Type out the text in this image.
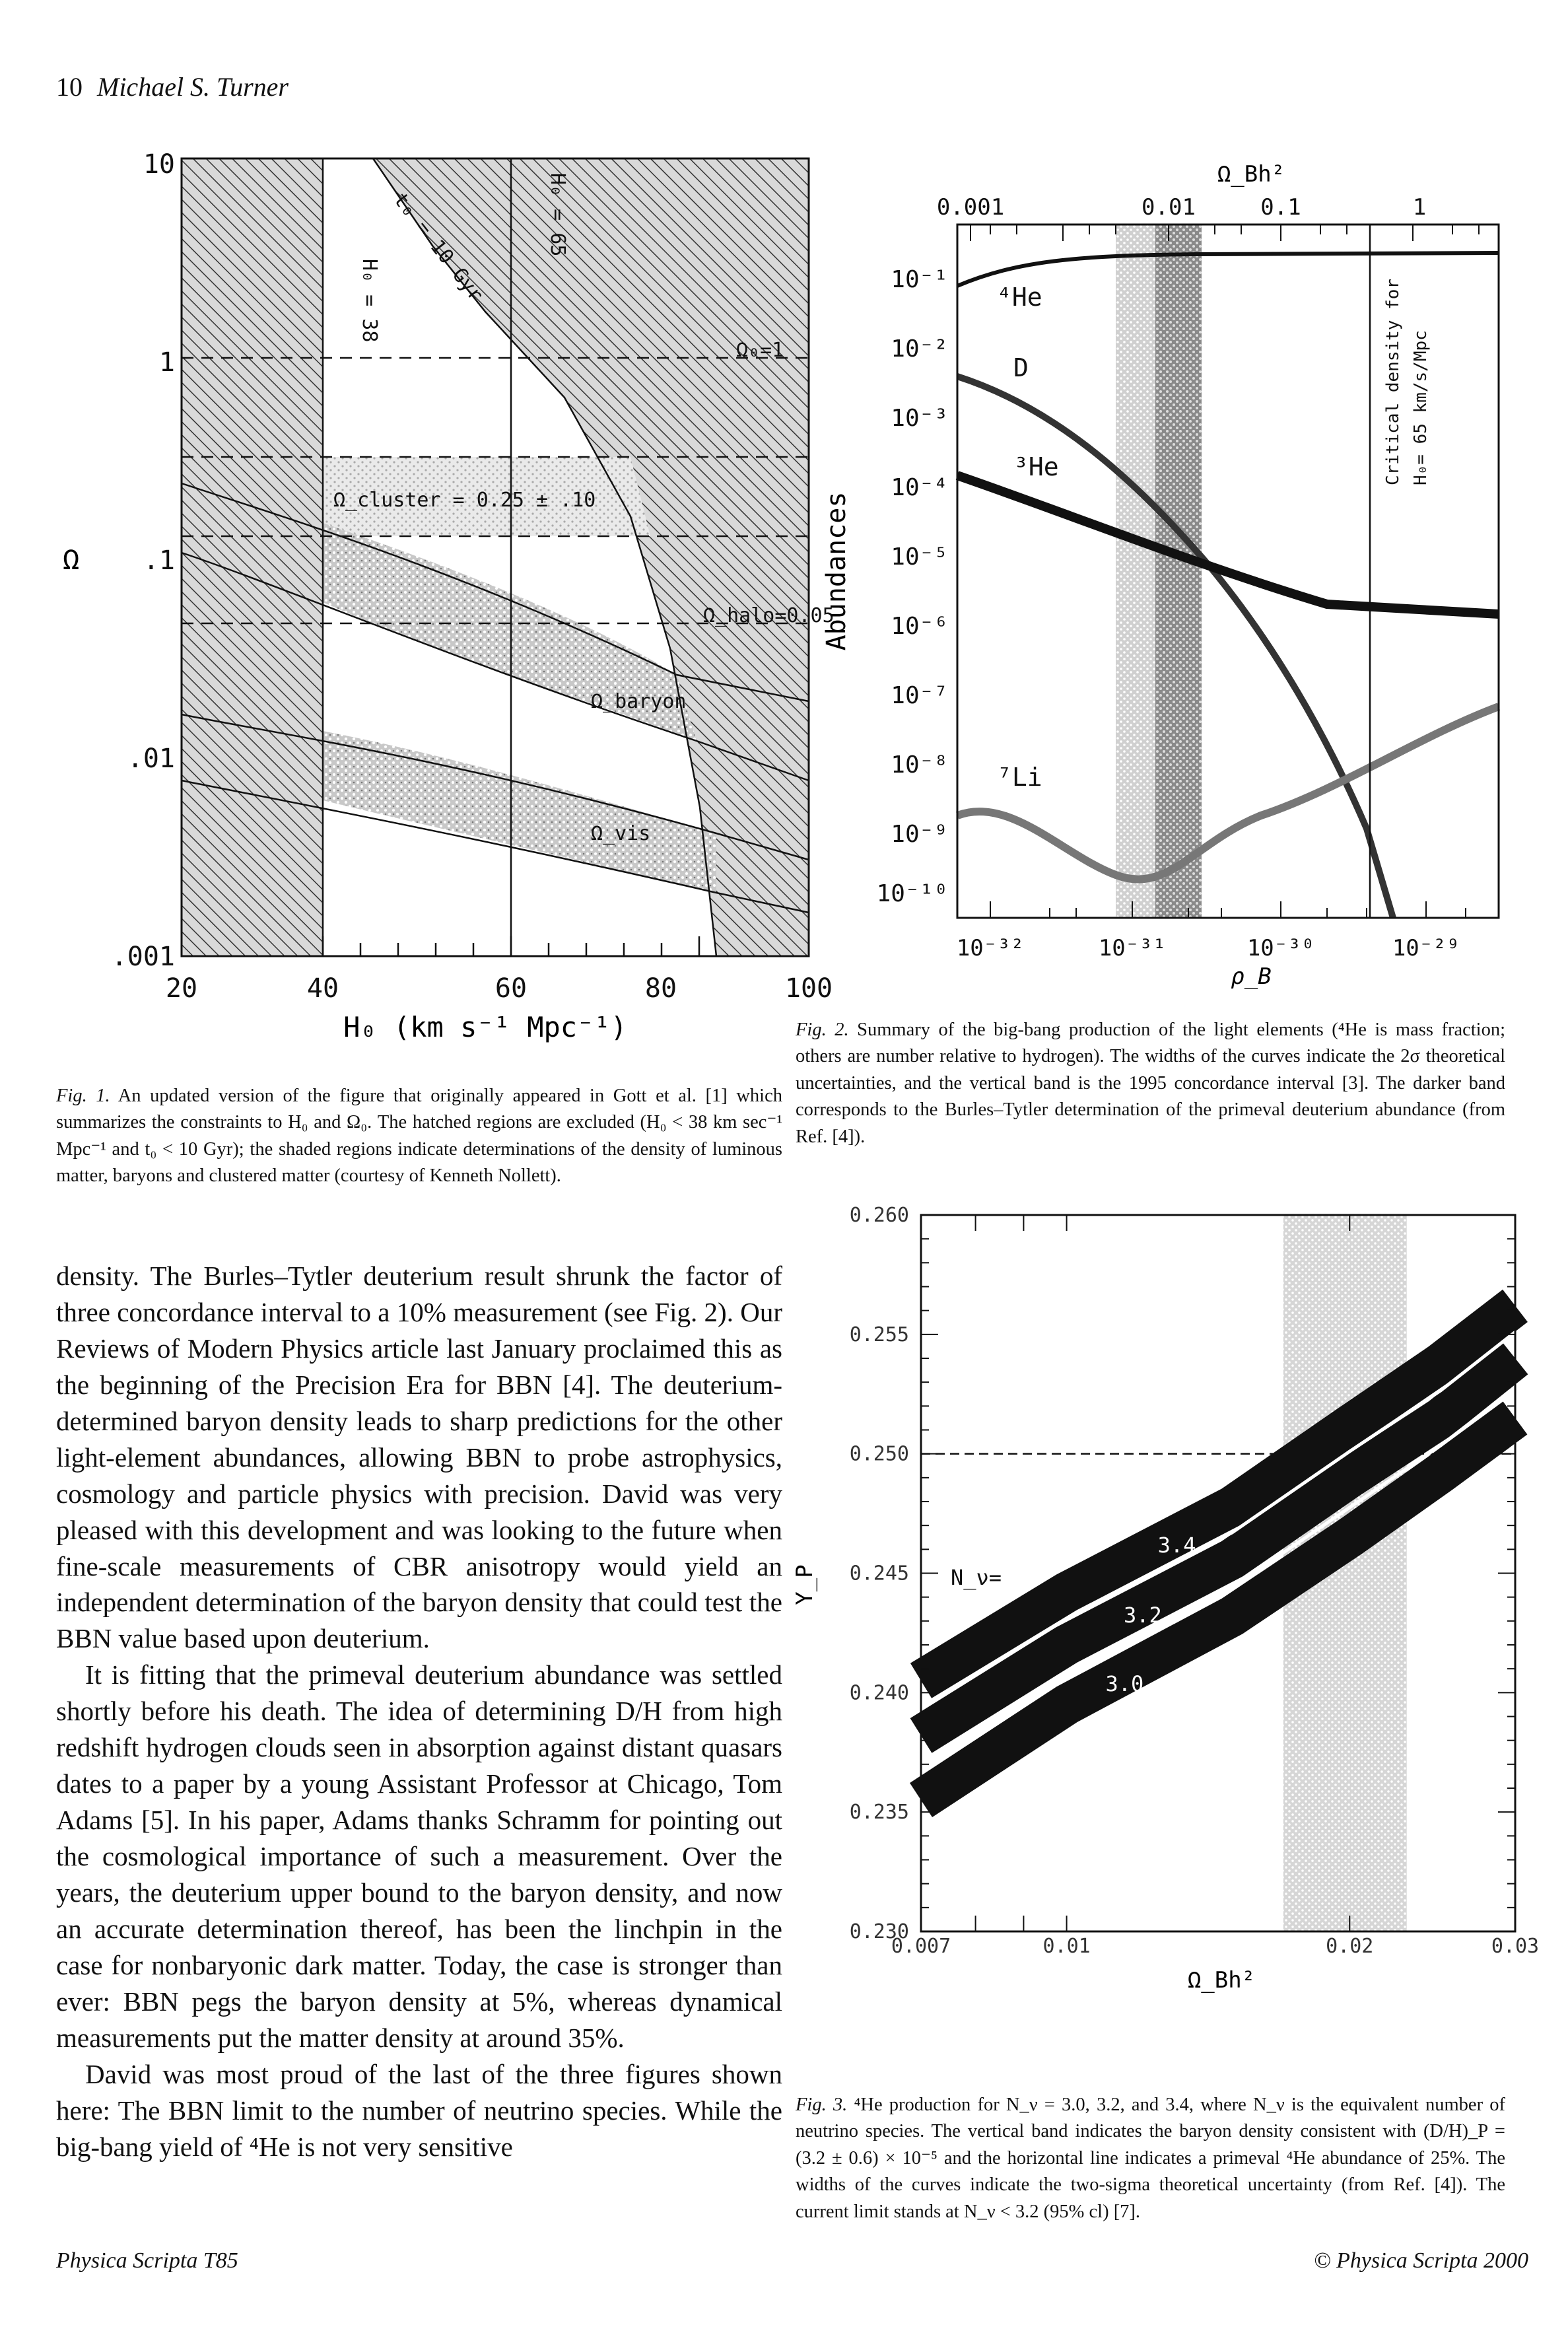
10 Michael S. Turner
20	40	60	80	100
10
1
.1
.01
.001
H₀ (km s⁻¹ Mpc⁻¹)
Ω
H₀ = 38 t₀ = 10 Gyr	H₀ = 65
Ω₀=1
Ω_cluster = 0.25 ± .10
Ω_halo=0.05
Ω_baryon
Ω_vis
Fig. 1. An updated version of the figure that originally appeared in Gott et al. [1] which summarizes the constraints to H₀ and Ω₀. The hatched regions are excluded (H₀ < 38 km sec⁻¹ Mpc⁻¹ and t₀ < 10 Gyr); the shaded regions indicate determinations of the density of luminous matter, baryons and clustered matter (courtesy of Kenneth Nollett).
10⁻³²	10⁻³¹	10⁻³⁰	10⁻²⁹
0.001	0.01	0.1	1
Ω_Bh²
ρ_B
10⁻¹
10⁻²
10⁻³
10⁻⁴
10⁻⁵
10⁻⁶
10⁻⁷
10⁻⁸
10⁻⁹
10⁻¹⁰
Abundances
⁴He
D
³He
⁷Li
Critical density for H₀= 65 km/s/Mpc
Fig. 2. Summary of the big-bang production of the light elements (⁴He is mass fraction; others are number relative to hydrogen). The widths of the curves indicate the 2σ theoretical uncertainties, and the vertical band is the 1995 concordance interval [3]. The darker band corresponds to the Burles–Tytler determination of the primeval deuterium abundance (from Ref. [4]).
0.260
0.255
0.250
0.245
0.240
0.235
0.230
0.007	0.01	0.02	0.03
Ω_Bh²
Y_P	N_ν=
3.4
3.2
3.0
Fig. 3. ⁴He production for N_ν = 3.0, 3.2, and 3.4, where N_ν is the equivalent number of neutrino species. The vertical band indicates the baryon density consistent with (D/H)_P = (3.2 ± 0.6) × 10⁻⁵ and the horizontal line indicates a primeval ⁴He abundance of 25%. The widths of the curves indicate the two-sigma theoretical uncertainty (from Ref. [4]). The current limit stands at N_ν < 3.2 (95% cl) [7].

density. The Burles–Tytler deuterium result shrunk the factor of three concordance interval to a 10% measurement (see Fig. 2). Our Reviews of Modern Physics article last January proclaimed this as the beginning of the Precision Era for BBN [4]. The deuterium-determined baryon density leads to sharp predictions for the other light-element abundances, allowing BBN to probe astrophysics, cosmology and particle physics with precision. David was very pleased with this development and was looking to the future when fine-scale measurements of CBR anisotropy would yield an independent determination of the baryon density that could test the BBN value based upon deuterium.

It is fitting that the primeval deuterium abundance was settled shortly before his death. The idea of determining D/H from high redshift hydrogen clouds seen in absorption against distant quasars dates to a paper by a young Assistant Professor at Chicago, Tom Adams [5]. In his paper, Adams thanks Schramm for pointing out the cosmological importance of such a measurement. Over the years, the deuterium upper bound to the baryon density, and now an accurate determination thereof, has been the linchpin in the case for nonbaryonic dark matter. Today, the case is stronger than ever: BBN pegs the baryon density at 5%, whereas dynamical measurements put the matter density at around 35%.

David was most proud of the last of the three figures shown here: The BBN limit to the number of neutrino species. While the big-bang yield of ⁴He is not very sensitive

Physica Scripta T85	© Physica Scripta 2000
